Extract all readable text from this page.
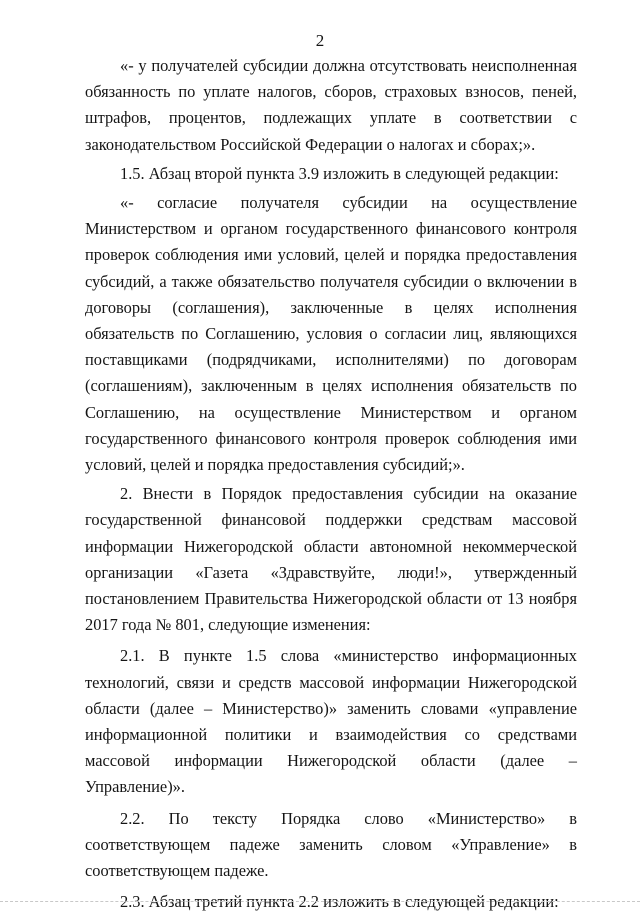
2

«- у получателей субсидии должна отсутствовать неисполненная обязанность по уплате налогов, сборов, страховых взносов, пеней, штрафов, процентов, подлежащих уплате в соответствии с законодательством Российской Федерации о налогах и сборах;».

1.5. Абзац второй пункта 3.9 изложить в следующей редакции:

«- согласие получателя субсидии на осуществление Министерством и органом государственного финансового контроля проверок соблюдения ими условий, целей и порядка предоставления субсидий, а также обязательство получателя субсидии о включении в договоры (соглашения), заключенные в целях исполнения обязательств по Соглашению, условия о согласии лиц, являющихся поставщиками (подрядчиками, исполнителями) по договорам (соглашениям), заключенным в целях исполнения обязательств по Соглашению, на осуществление Министерством и органом государственного финансового контроля проверок соблюдения ими условий, целей и порядка предоставления субсидий;».

2. Внести в Порядок предоставления субсидии на оказание государственной финансовой поддержки средствам массовой информации Нижегородской области автономной некоммерческой организации «Газета «Здравствуйте, люди!», утвержденный постановлением Правительства Нижегородской области от 13 ноября 2017 года № 801, следующие изменения:

2.1. В пункте 1.5 слова «министерство информационных технологий, связи и средств массовой информации Нижегородской области (далее – Министерство)» заменить словами «управление информационной политики и взаимодействия со средствами массовой информации Нижегородской области (далее – Управление)».

2.2. По тексту Порядка слово «Министерство» в соответствующем падеже заменить словом «Управление» в соответствующем падеже.

2.3. Абзац третий пункта 2.2 изложить в следующей редакции:
